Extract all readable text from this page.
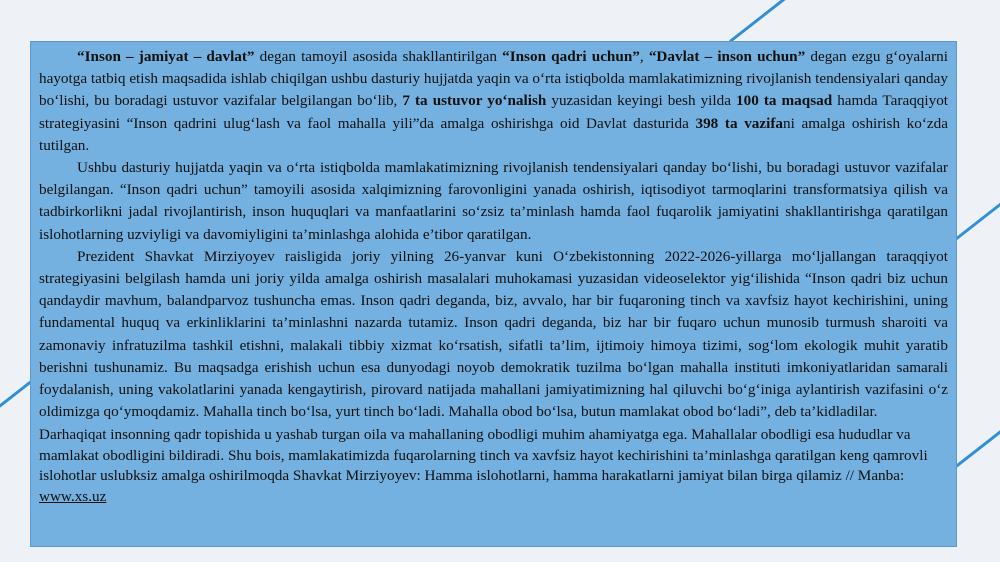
“Inson – jamiyat – davlat” degan tamoyil asosida shakllantirilgan “Inson qadri uchun”, “Davlat – inson uchun” degan ezgu g‘oyalarni hayotga tatbiq etish maqsadida ishlab chiqilgan ushbu dasturiy hujjatda yaqin va o‘rta istiqbolda mamlakatimizning rivojlanish tendensiyalari qanday bo‘lishi, bu boradagi ustuvor vazifalar belgilangan bo‘lib, 7 ta ustuvor yo‘nalish yuzasidan keyingi besh yilda 100 ta maqsad hamda Taraqqiyot strategiyasini “Inson qadrini ulug‘lash va faol mahalla yili”da amalga oshirishga oid Davlat dasturida 398 ta vazifani amalga oshirish ko‘zda tutilgan.

Ushbu dasturiy hujjatda yaqin va o‘rta istiqbolda mamlakatimizning rivojlanish tendensiyalari qanday bo‘lishi, bu boradagi ustuvor vazifalar belgilangan. “Inson qadri uchun” tamoyili asosida xalqimizning farovonligini yanada oshirish, iqtisodiyot tarmoqlarini transformatsiya qilish va tadbirkorlikni jadal rivojlantirish, inson huquqlari va manfaatlarini so‘zsiz ta’minlash hamda faol fuqarolik jamiyatini shakllantirishga qaratilgan islohotlarning uzviyligi va davomiyligini ta’minlashga alohida e’tibor qaratilgan.

Prezident Shavkat Mirziyoyev raisligida joriy yilning 26-yanvar kuni O‘zbekistonning 2022-2026-yillarga mo‘ljallangan taraqqiyot strategiyasini belgilash hamda uni joriy yilda amalga oshirish masalalari muhokamasi yuzasidan videoselektor yig‘ilishida “Inson qadri biz uchun qandaydir mavhum, balandparvoz tushuncha emas. Inson qadri deganda, biz, avvalo, har bir fuqaroning tinch va xavfsiz hayot kechirishini, uning fundamental huquq va erkinliklarini ta’minlashni nazarda tutamiz. Inson qadri deganda, biz har bir fuqaro uchun munosib turmush sharoiti va zamonaviy infratuzilma tashkil etishni, malakali tibbiy xizmat ko‘rsatish, sifatli ta’lim, ijtimoiy himoya tizimi, sog‘lom ekologik muhit yaratib berishni tushunamiz. Bu maqsadga erishish uchun esa dunyodagi noyob demokratik tuzilma bo‘lgan mahalla instituti imkoniyatlaridan samarali foydalanish, uning vakolatlarini yanada kengaytirish, pirovard natijada mahallani jamiyatimizning hal qiluvchi bo‘g‘iniga aylantirish vazifasini o‘z oldimizga qo‘ymoqdamiz. Mahalla tinch bo‘lsa, yurt tinch bo‘ladi. Mahalla obod bo‘lsa, butun mamlakat obod bo‘ladi”, deb ta’kidladilar.

Darhaqiqat insonning qadr topishida u yashab turgan oila va mahallaning obodligi muhim ahamiyatga ega. Mahallalar obodligi esa hududlar va mamlakat obodligini bildiradi. Shu bois, mamlakatimizda fuqarolarning tinch va xavfsiz hayot kechirishini ta’minlashga qaratilgan keng qamrovli islohotlar uslubksiz amalga oshirilmoqda Shavkat Mirziyoyev: Hamma islohotlarni, hamma harakatlarni jamiyat bilan birga qilamiz // Manba: www.xs.uz
